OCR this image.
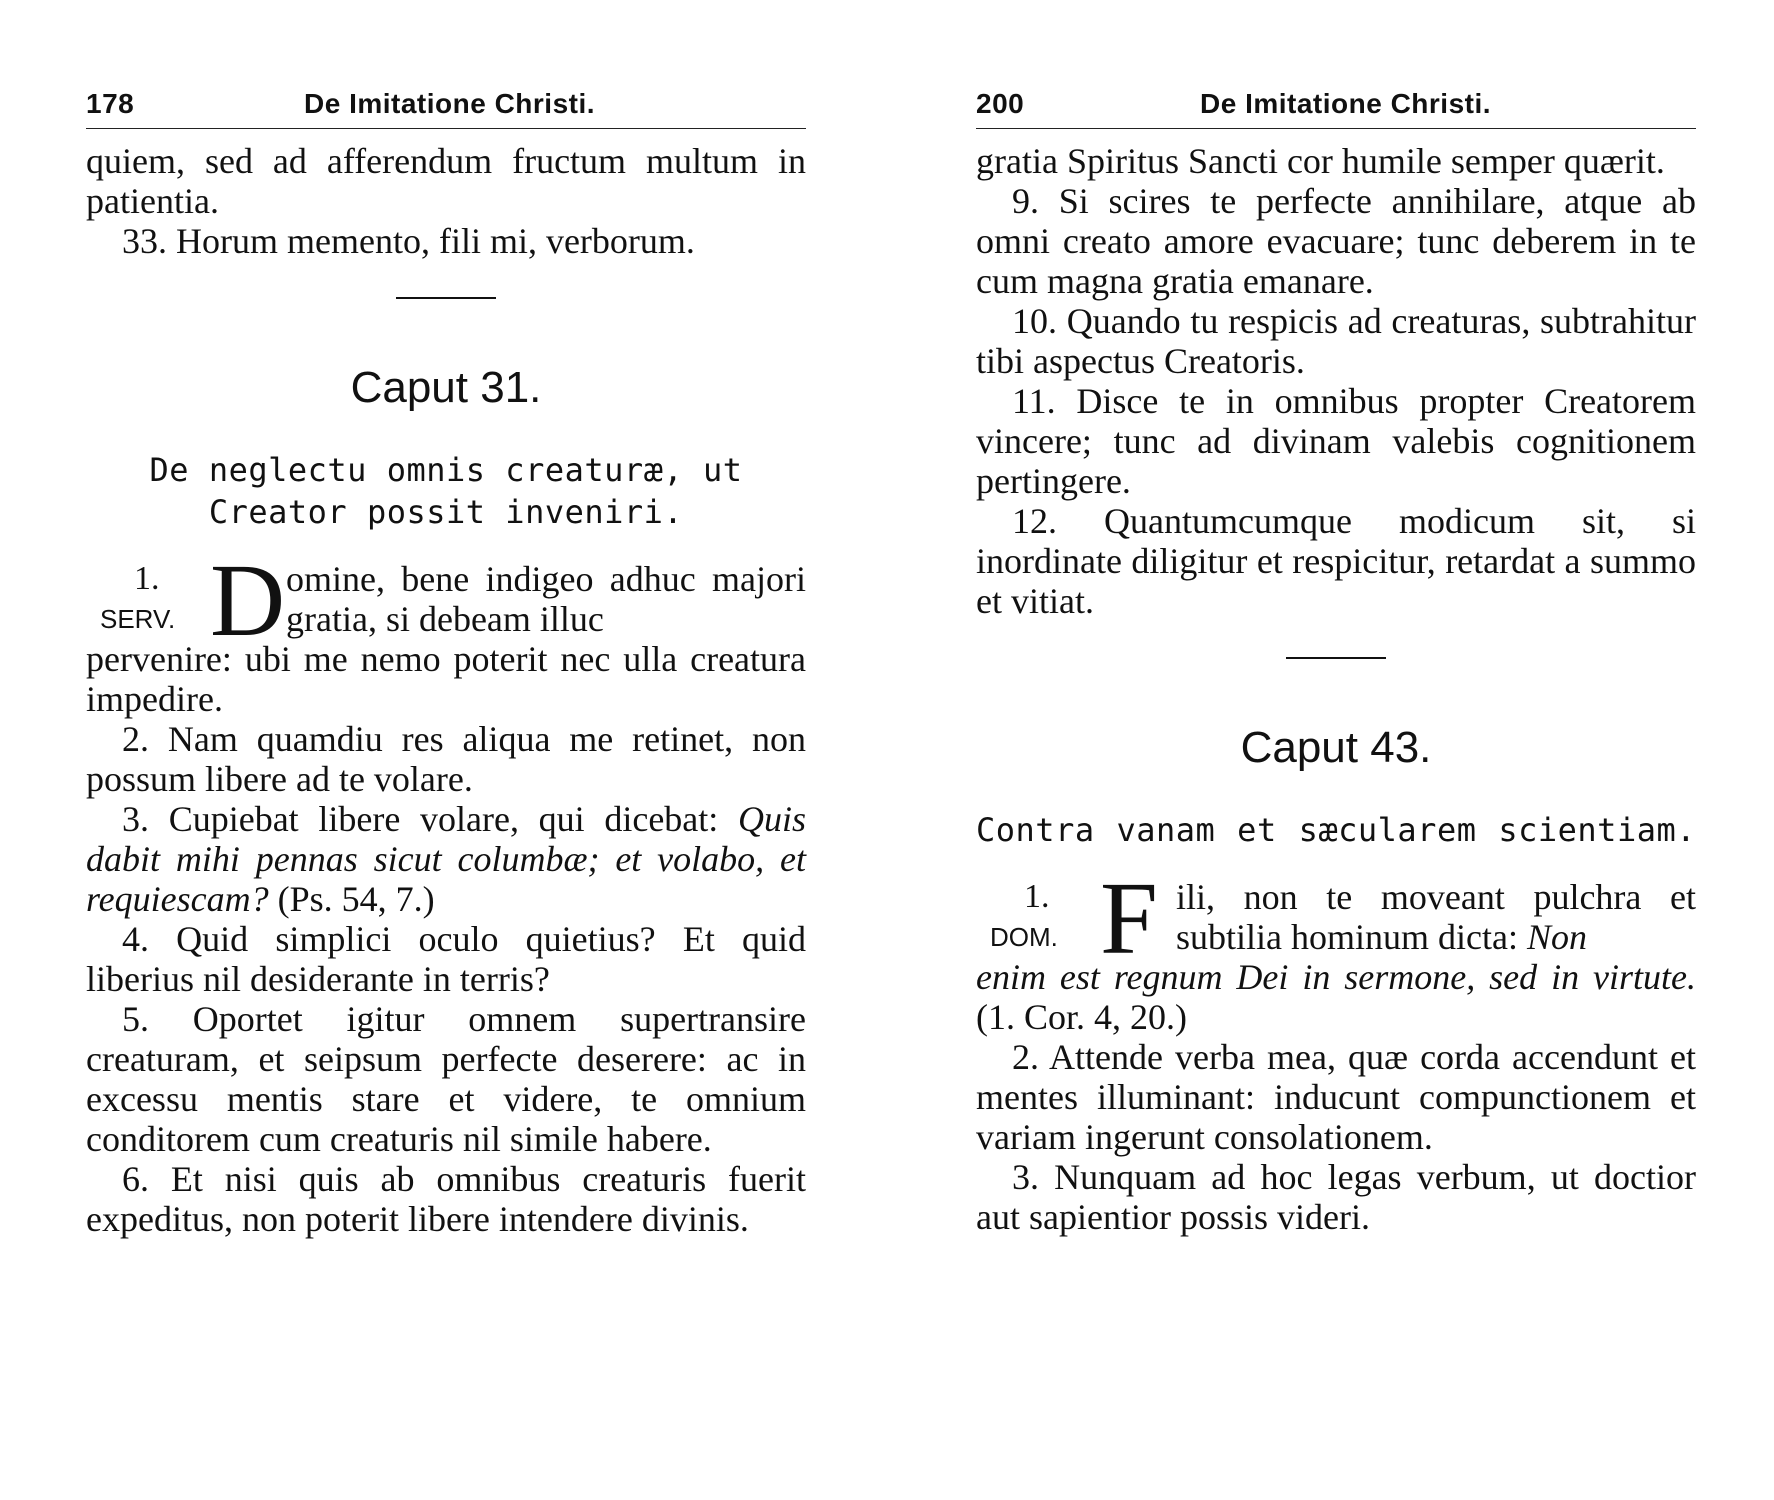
178	De Imitatione Christi.

quiem, sed ad afferendum fructum multum in patientia.

33. Horum memento, fili mi, verborum.

Caput 31.
De neglectu omnis creaturæ, ut Creator possit inveniri.
1.
SERV. D omine, bene indigeo adhuc majori gratia, si debeam illuc

pervenire: ubi me nemo poterit nec ulla creatura impedire.

2. Nam quamdiu res aliqua me retinet, non possum libere ad te volare.

3. Cupiebat libere volare, qui dicebat: Quis dabit mihi pennas sicut columbæ; et volabo, et requiescam? (Ps. 54, 7.)

4. Quid simplici oculo quietius? Et quid liberius nil desiderante in terris?

5. Oportet igitur omnem supertransire creaturam, et seipsum perfecte deserere: ac in excessu mentis stare et videre, te omnium conditorem cum creaturis nil simile habere.

6. Et nisi quis ab omnibus creaturis fuerit expeditus, non poterit libere intendere divinis.

200	De Imitatione Christi.

gratia Spiritus Sancti cor humile semper quærit.

9. Si scires te perfecte annihilare, atque ab omni creato amore evacuare; tunc deberem in te cum magna gratia emanare.

10. Quando tu respicis ad creaturas, subtrahitur tibi aspectus Creatoris.

11. Disce te in omnibus propter Creatorem vincere; tunc ad divinam valebis cognitionem pertingere.

12. Quantumcumque modicum sit, si inordinate diligitur et respicitur, retardat a summo et vitiat.

Caput 43.
Contra vanam et sæcularem scientiam.
1.
DOM. F ili, non te moveant pulchra et subtilia hominum dicta: Non

enim est regnum Dei in sermone, sed in virtute. (1. Cor. 4, 20.)

2. Attende verba mea, quæ corda accendunt et mentes illuminant: inducunt compunctionem et variam ingerunt consolationem.

3. Nunquam ad hoc legas verbum, ut doctior aut sapientior possis videri.
